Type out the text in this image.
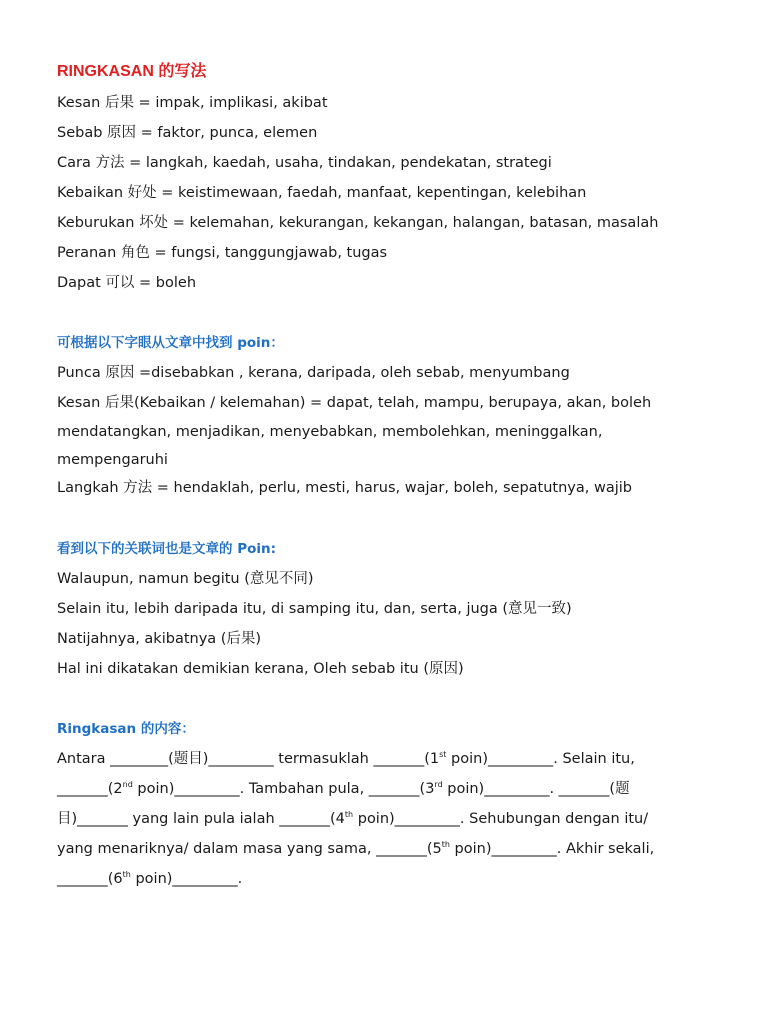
RINGKASAN 的写法
Kesan 后果 = impak, implikasi, akibat
Sebab 原因 = faktor, punca, elemen
Cara 方法 = langkah, kaedah, usaha, tindakan, pendekatan, strategi
Kebaikan 好处 = keistimewaan, faedah, manfaat, kepentingan, kelebihan
Keburukan 坏处 = kelemahan, kekurangan, kekangan, halangan, batasan, masalah
Peranan 角色 = fungsi, tanggungjawab, tugas
Dapat 可以 = boleh
可根据以下字眼从文章中找到 poin：
Punca 原因 =disebabkan , kerana, daripada, oleh sebab, menyumbang
Kesan 后果(Kebaikan / kelemahan) = dapat, telah, mampu, berupaya, akan, boleh
mendatangkan, menjadikan, menyebabkan, membolehkan, meninggalkan,
mempengaruhi
Langkah 方法 = hendaklah, perlu, mesti, harus, wajar, boleh, sepatutnya, wajib
看到以下的关联词也是文章的 Poin:
Walaupun, namun begitu (意见不同)
Selain itu, lebih daripada itu, di samping itu, dan, serta, juga (意见一致)
Natijahnya, akibatnya (后果)
Hal ini dikatakan demikian kerana, Oleh sebab itu (原因)
Ringkasan 的内容：
Antara ________(题目)_________ termasuklah _______(1st poin)_________. Selain itu,
_______(2nd poin)_________. Tambahan pula, _______(3rd poin)_________. _______(题
目)_______ yang lain pula ialah _______(4th poin)_________. Sehubungan dengan itu/
yang menariknya/ dalam masa yang sama, _______(5th poin)_________. Akhir sekali,
_______(6th poin)_________.
